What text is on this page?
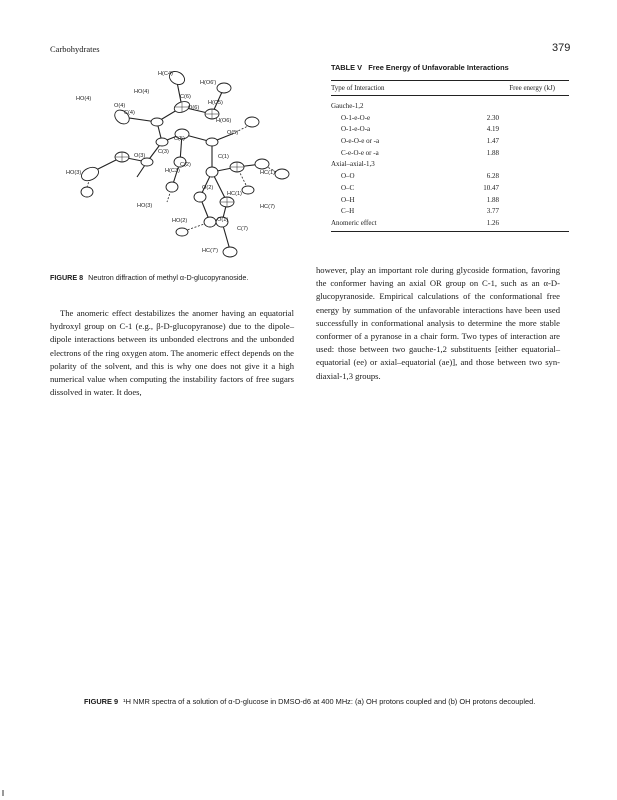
Carbohydrates	379
H(C4)
H(O6')
HO(4)
C(6)
H(C5)
HO(4)
O(4)	O(6)
C(4)
H(O6)
O(5)
C(5)
C(3)
O(3)	C(1)
HC(1)
HO(3)	H(C3)
C(2)
HO(3)
O(2)
HC(1)
HC(7)
HO(2)	O(1)
C(7)
HC(7')
FIGURE 8 Neutron diffraction of methyl α-D-glucopyranoside.
TABLE V Free Energy of Unfavorable Interactions
Type of Interaction	Free energy (kJ)
Gauche-1,2
O-1-e-O-e	2.30
O-1-e-O-a	4.19
O-e-O-e or -a	1.47
C-e-O-e or -a	1.88
Axial–axial-1,3
O–O	6.28
O–C	10.47
O–H	1.88
C–H	3.77
Anomeric effect	1.26

The anomeric effect destabilizes the anomer having an equatorial hydroxyl group on C-1 (e.g., β-D-glucopyranose) due to the dipole–dipole interactions between its unbonded electrons and the unbonded electrons of the ring oxygen atom. The anomeric effect depends on the polarity of the solvent, and this is why one does not give it a high numerical value when computing the instability factors of free sugars dissolved in water. It does,

however, play an important role during glycoside formation, favoring the conformer having an axial OR group on C-1, such as an α-D-glucopyranoside. Empirical calculations of the conformational free energy by summation of the unfavorable interactions have been used successfully in conformational analysis to determine the more stable conformer of a pyranose in a chair form. Two types of interaction are used: those between two gauche-1,2 substituents [either equatorial–equatorial (ee) or axial–equatorial (ae)], and those between two syn-diaxial-1,3 groups.

FIGURE 9 ¹H NMR spectra of a solution of α-D-glucose in DMSO-d6 at 400 MHz: (a) OH protons coupled and (b) OH protons decoupled.
